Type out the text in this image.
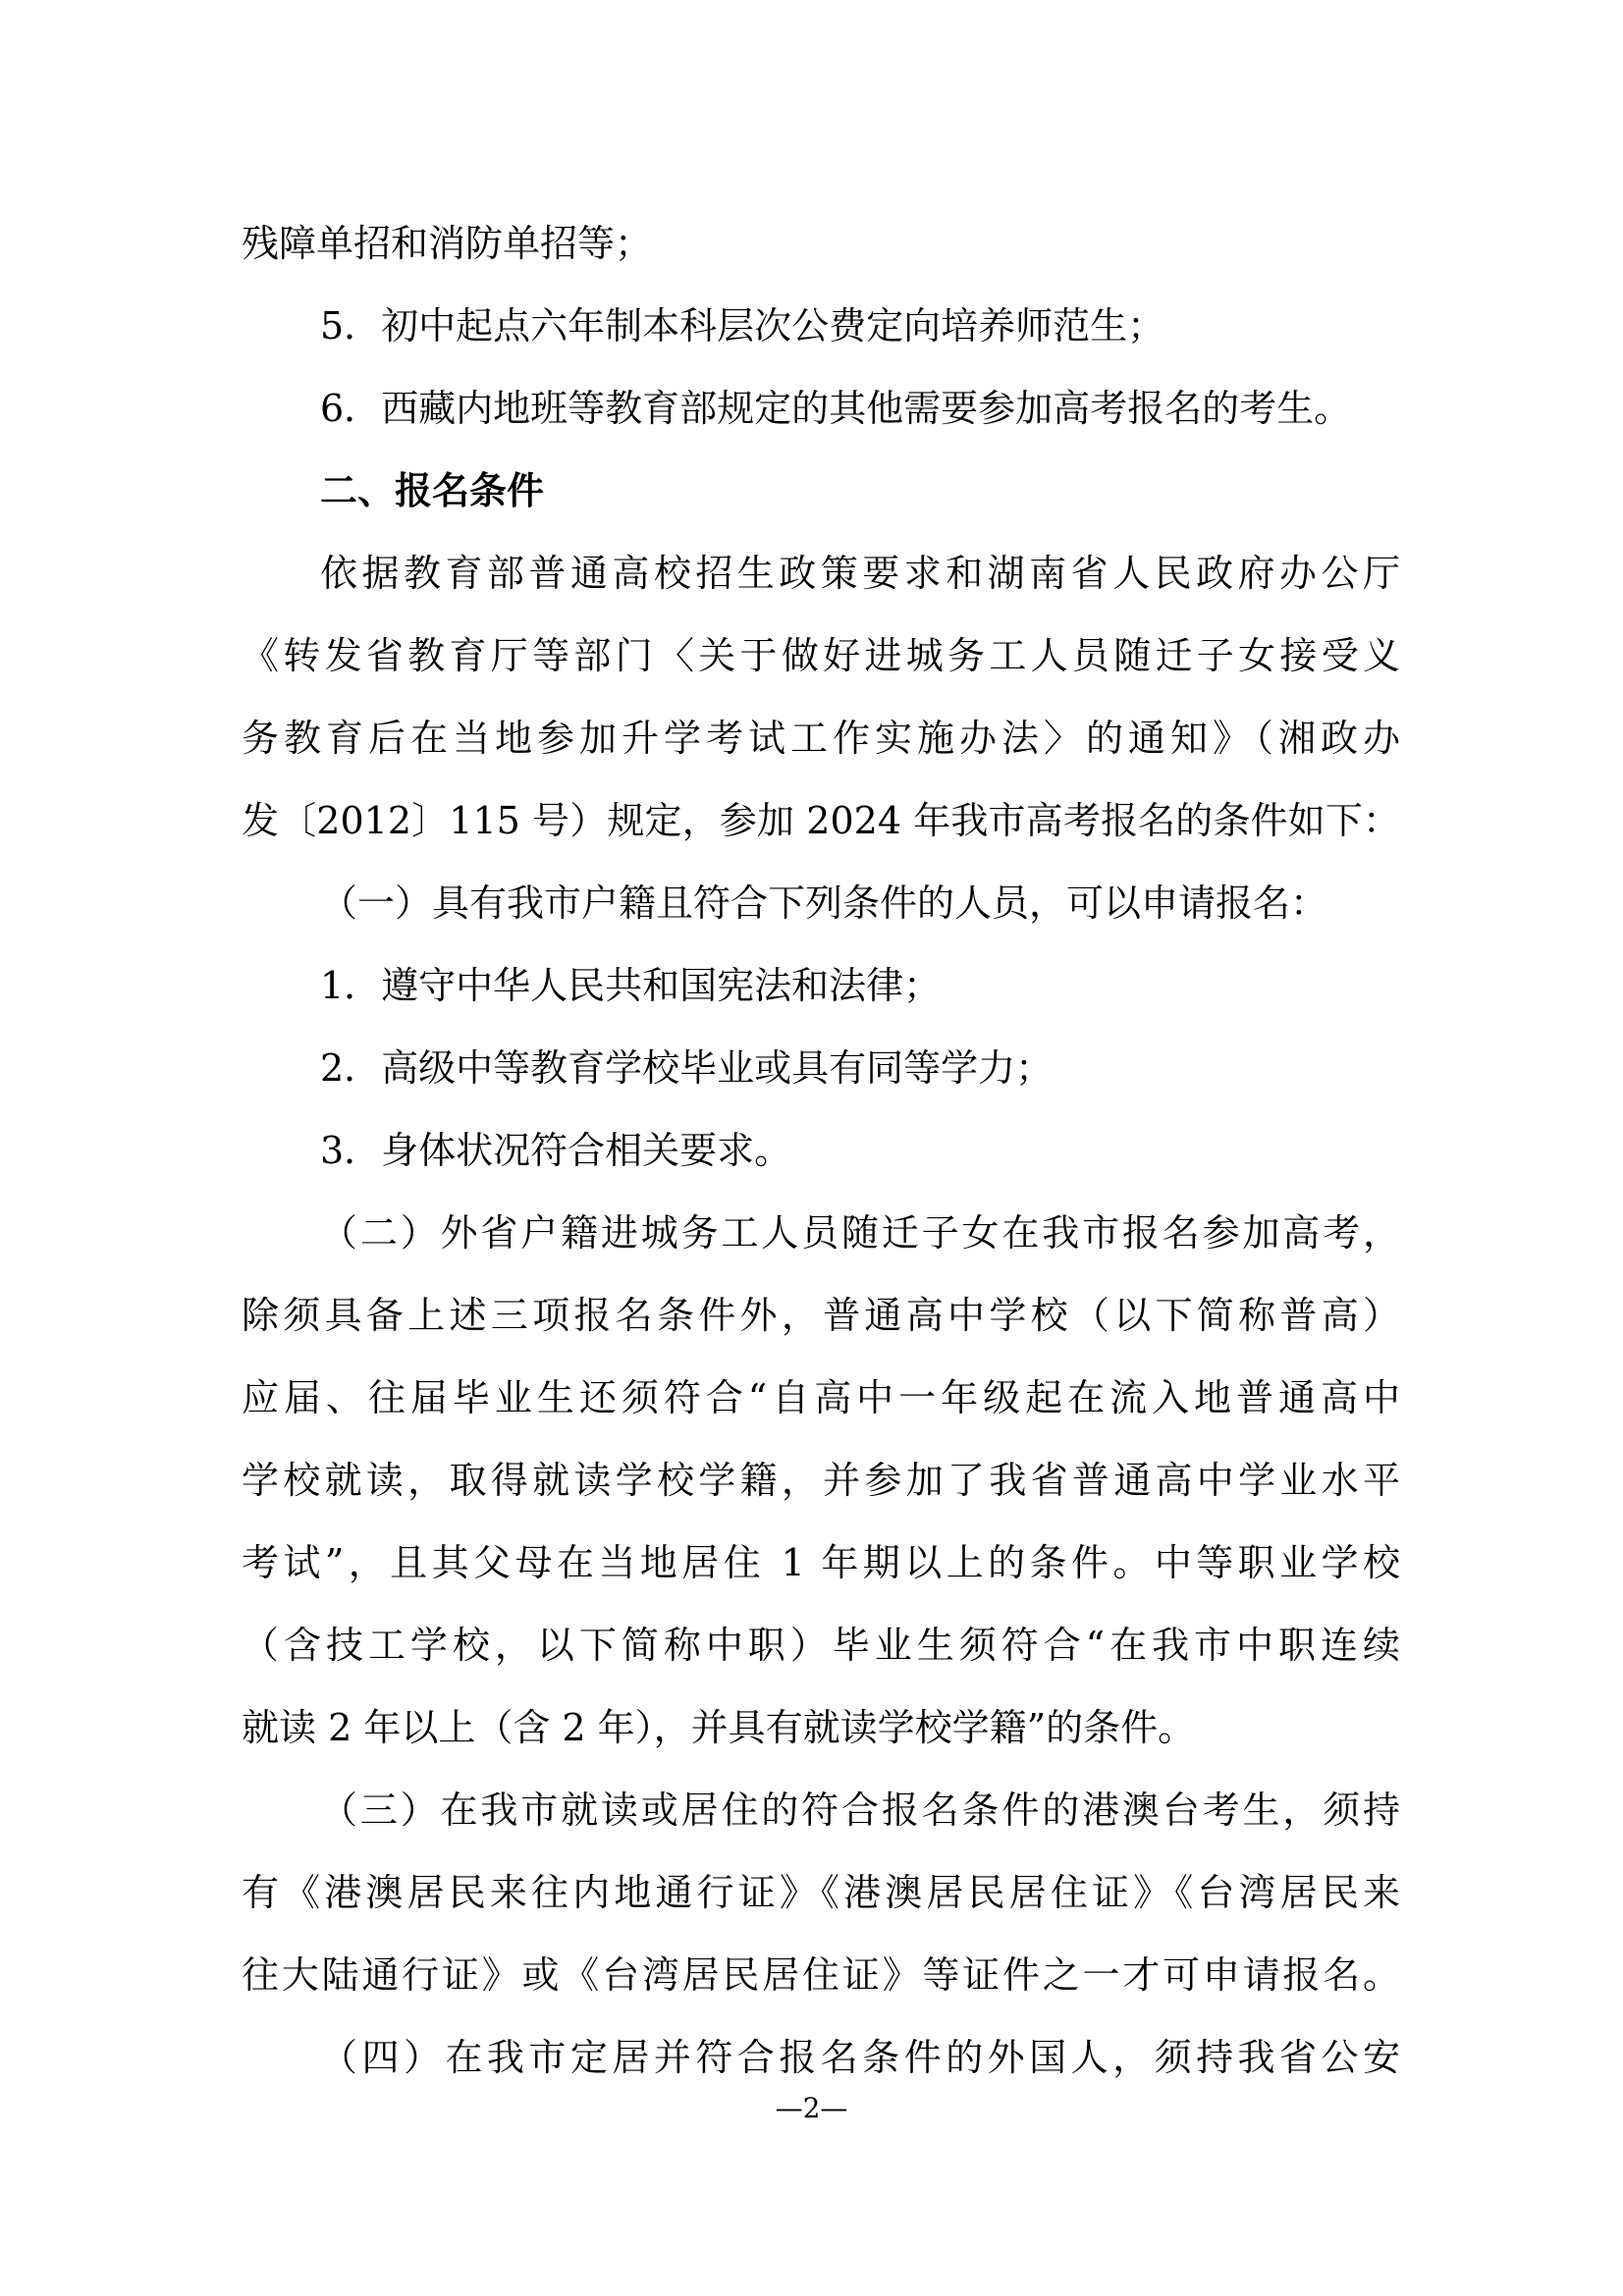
残障单招和消防单招等；
5．初中起点六年制本科层次公费定向培养师范生；
6．西藏内地班等教育部规定的其他需要参加高考报名的考生。
二、报名条件
依据教育部普通高校招生政策要求和湖南省人民政府办公厅
《转发省教育厅等部门〈关于做好进城务工人员随迁子女接受义
务教育后在当地参加升学考试工作实施办法〉的通知》（湘政办
发〔2012〕115 号）规定，参加 2024 年我市高考报名的条件如下：
（一）具有我市户籍且符合下列条件的人员，可以申请报名：
1．遵守中华人民共和国宪法和法律；
2．高级中等教育学校毕业或具有同等学力；
3．身体状况符合相关要求。
（二）外省户籍进城务工人员随迁子女在我市报名参加高考，
除须具备上述三项报名条件外，普通高中学校（以下简称普高）
应届、往届毕业生还须符合“自高中一年级起在流入地普通高中
学校就读，取得就读学校学籍，并参加了我省普通高中学业水平
考试”，且其父母在当地居住 1 年期以上的条件。中等职业学校
（含技工学校，以下简称中职）毕业生须符合“在我市中职连续
就读 2 年以上（含 2 年），并具有就读学校学籍”的条件。
（三）在我市就读或居住的符合报名条件的港澳台考生，须持
有《港澳居民来往内地通行证》《港澳居民居住证》《台湾居民来
往大陆通行证》或《台湾居民居住证》等证件之一才可申请报名。
（四）在我市定居并符合报名条件的外国人，须持我省公安
—2—
